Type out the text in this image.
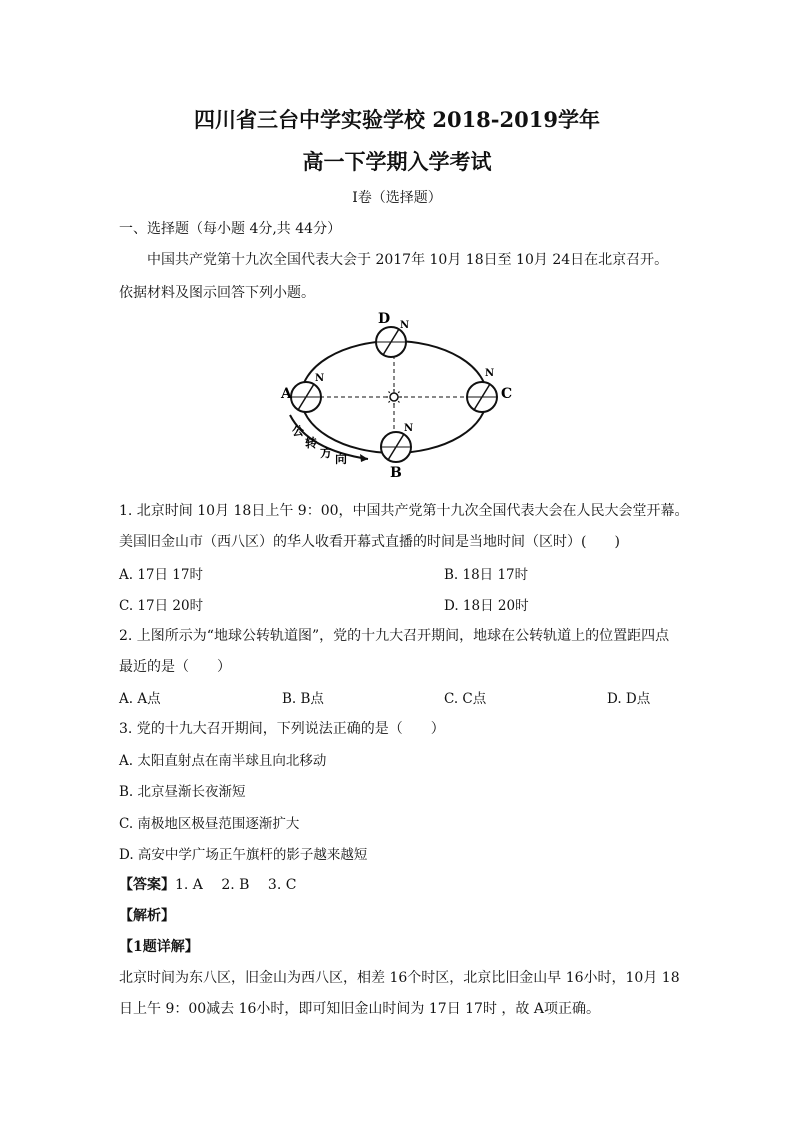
四川省三台中学实验学校 2018-2019学年
高一下学期入学考试
I卷（选择题）
一、选择题（每小题 4分,共 44分）
中国共产党第十九次全国代表大会于 2017年 10月 18日至 10月 24日在北京召开。
依据材料及图示回答下列小题。
D N
A
N
C
N
B
N
公
转
方 向
1. 北京时间 10月 18日上午 9：00，中国共产党第十九次全国代表大会在人民大会堂开幕。
美国旧金山市（西八区）的华人收看开幕式直播的时间是当地时间（区时）(　　)
A. 17日 17时	B. 18日 17时
C. 17日 20时	D. 18日 20时
2. 上图所示为“地球公转轨道图”，党的十九大召开期间，地球在公转轨道上的位置距四点
最近的是（　　）
A. A点	B. B点	C. C点	D. D点
3. 党的十九大召开期间，下列说法正确的是（　　）
A. 太阳直射点在南半球且向北移动
B. 北京昼渐长夜渐短
C. 南极地区极昼范围逐渐扩大
D. 高安中学广场正午旗杆的影子越来越短
【答案】1. A　 2. B　 3. C
【解析】
【1题详解】
北京时间为东八区，旧金山为西八区，相差 16个时区，北京比旧金山早 16小时，10月 18
日上午 9：00减去 16小时，即可知旧金山时间为 17日 17时 ，故 A项正确。
